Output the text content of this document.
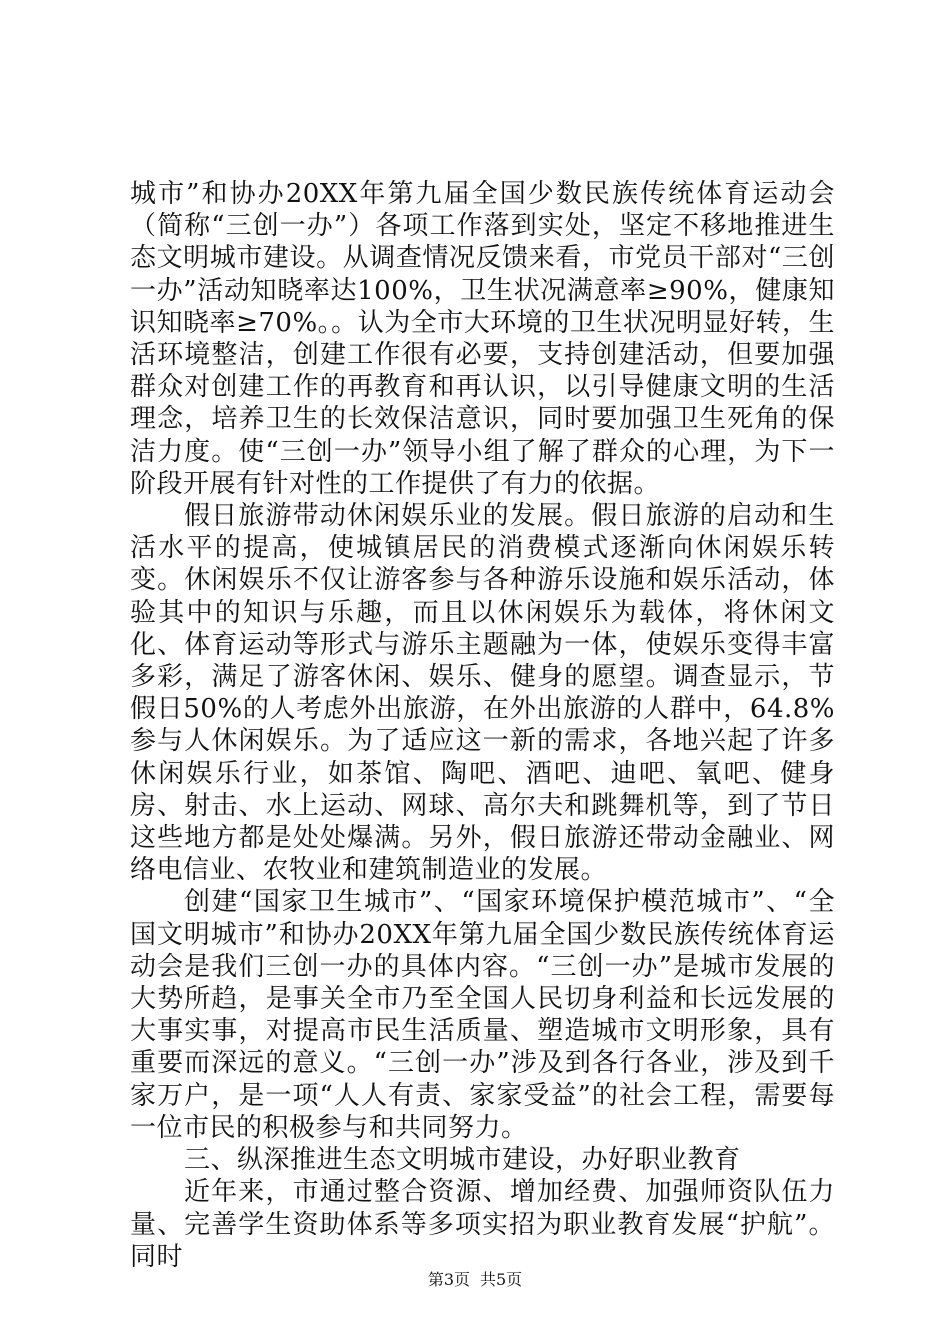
城市”和协办20XX年第九届全国少数民族传统体育运动会（简称“三创一办”）各项工作落到实处，坚定不移地推进生态文明城市建设。从调查情况反馈来看，市党员干部对“三创一办”活动知晓率达100%，卫生状况满意率≥90%，健康知识知晓率≥70%。。认为全市大环境的卫生状况明显好转，生活环境整洁，创建工作很有必要，支持创建活动，但要加强群众对创建工作的再教育和再认识，以引导健康文明的生活理念，培养卫生的长效保洁意识，同时要加强卫生死角的保洁力度。使“三创一办”领导小组了解了群众的心理，为下一阶段开展有针对性的工作提供了有力的依据。

假日旅游带动休闲娱乐业的发展。假日旅游的启动和生活水平的提高，使城镇居民的消费模式逐渐向休闲娱乐转变。休闲娱乐不仅让游客参与各种游乐设施和娱乐活动，体验其中的知识与乐趣，而且以休闲娱乐为载体，将休闲文化、体育运动等形式与游乐主题融为一体，使娱乐变得丰富多彩，满足了游客休闲、娱乐、健身的愿望。调查显示，节假日50%的人考虑外出旅游，在外出旅游的人群中，64.8%参与人休闲娱乐。为了适应这一新的需求，各地兴起了许多休闲娱乐行业，如茶馆、陶吧、酒吧、迪吧、氧吧、健身房、射击、水上运动、网球、高尔夫和跳舞机等，到了节日这些地方都是处处爆满。另外，假日旅游还带动金融业、网络电信业、农牧业和建筑制造业的发展。

创建“国家卫生城市”、“国家环境保护模范城市”、“全国文明城市”和协办20XX年第九届全国少数民族传统体育运动会是我们三创一办的具体内容。“三创一办”是城市发展的大势所趋，是事关全市乃至全国人民切身利益和长远发展的大事实事，对提高市民生活质量、塑造城市文明形象，具有重要而深远的意义。“三创一办”涉及到各行各业，涉及到千家万户，是一项“人人有责、家家受益”的社会工程，需要每一位市民的积极参与和共同努力。

三、纵深推进生态文明城市建设，办好职业教育

近年来，市通过整合资源、增加经费、加强师资队伍力量、完善学生资助体系等多项实招为职业教育发展“护航”。同时

第3页 共5页
